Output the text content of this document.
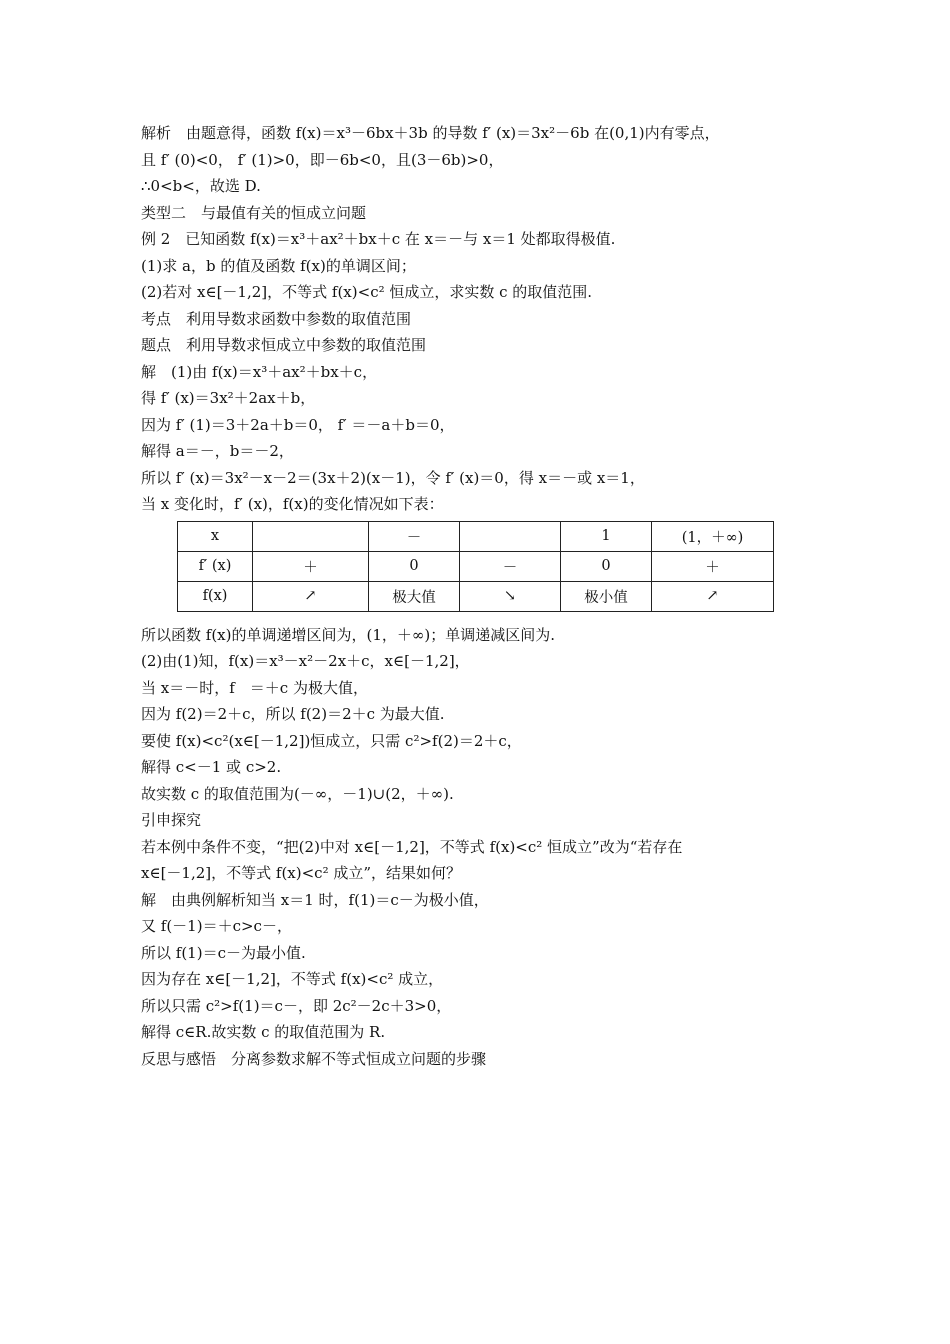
解析　由题意得，函数 f(x)＝x³－6bx＋3b 的导数 f′ (x)＝3x²－6b 在(0,1)内有零点，
且 f′ (0)<0， f′ (1)>0，即－6b<0，且(3－6b)>0，
∴0<b<，故选 D.
类型二　与最值有关的恒成立问题
例 2　已知函数 f(x)＝x³＋ax²＋bx＋c 在 x＝－与 x＝1 处都取得极值.
(1)求 a，b 的值及函数 f(x)的单调区间；
(2)若对 x∈[－1,2]，不等式 f(x)<c² 恒成立，求实数 c 的取值范围.
考点　利用导数求函数中参数的取值范围
题点　利用导数求恒成立中参数的取值范围
解　(1)由 f(x)＝x³＋ax²＋bx＋c，
得 f′ (x)＝3x²＋2ax＋b，
因为 f′ (1)＝3＋2a＋b＝0， f′ ＝－a＋b＝0，
解得 a＝－，b＝－2，
所以 f′ (x)＝3x²－x－2＝(3x＋2)(x－1)，令 f′ (x)＝0，得 x＝－或 x＝1，
当 x 变化时，f′ (x)，f(x)的变化情况如下表：
x		－		1	(1，＋∞)
f′ (x)	＋	0	－	0	＋
f(x)	↗	极大值	↘	极小值	↗
所以函数 f(x)的单调递增区间为，(1，＋∞)；单调递减区间为.
(2)由(1)知，f(x)＝x³－x²－2x＋c，x∈[－1,2]，
当 x＝－时，f　＝＋c 为极大值，
因为 f(2)＝2＋c，所以 f(2)＝2＋c 为最大值.
要使 f(x)<c²(x∈[－1,2])恒成立，只需 c²>f(2)＝2＋c，
解得 c<－1 或 c>2.
故实数 c 的取值范围为(－∞，－1)∪(2，＋∞).
引申探究
若本例中条件不变，“把(2)中对 x∈[－1,2]，不等式 f(x)<c² 恒成立”改为“若存在
x∈[－1,2]，不等式 f(x)<c² 成立”，结果如何？
解　由典例解析知当 x＝1 时，f(1)＝c－为极小值，
又 f(－1)＝＋c>c－，
所以 f(1)＝c－为最小值.
因为存在 x∈[－1,2]，不等式 f(x)<c² 成立，
所以只需 c²>f(1)＝c－，即 2c²－2c＋3>0，
解得 c∈R.故实数 c 的取值范围为 R.
反思与感悟　分离参数求解不等式恒成立问题的步骤
